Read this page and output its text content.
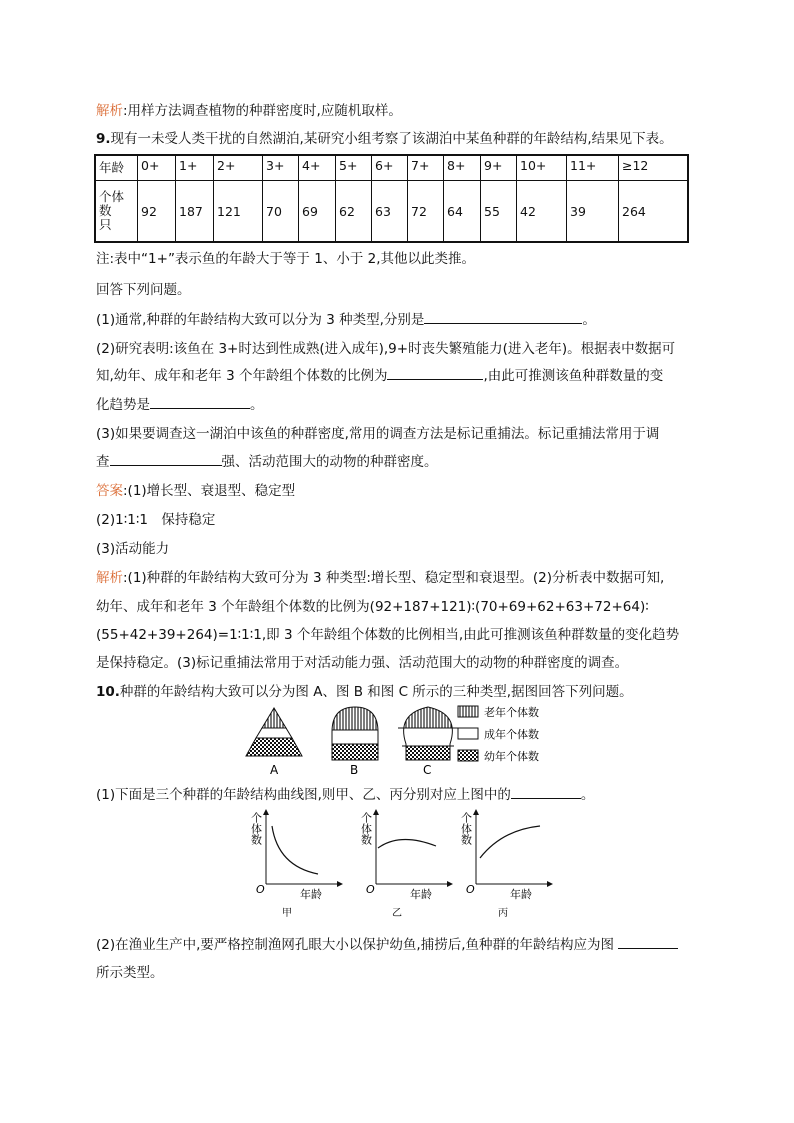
解析:用样方法调查植物的种群密度时,应随机取样。
9.现有一未受人类干扰的自然湖泊,某研究小组考察了该湖泊中某鱼种群的年龄结构,结果见下表。
年龄	0+	1+	2+	3+	4+	5+	6+	7+	8+	9+	10+	11+	≥12

个体
数
只	92	187	121	70	69	62	63	72	64	55	42	39	264
注:表中“1+”表示鱼的年龄大于等于 1、小于 2,其他以此类推。
回答下列问题。
(1)通常,种群的年龄结构大致可以分为 3 种类型,分别是	。
(2)研究表明:该鱼在 3+时达到性成熟(进入成年),9+时丧失繁殖能力(进入老年)。根据表中数据可
知,幼年、成年和老年 3 个年龄组个体数的比例为	,由此可推测该鱼种群数量的变
化趋势是	。
(3)如果要调查这一湖泊中该鱼的种群密度,常用的调查方法是标记重捕法。标记重捕法常用于调
查	强、活动范围大的动物的种群密度。
答案:(1)增长型、衰退型、稳定型
(2)1∶1∶1　保持稳定
(3)活动能力
解析:(1)种群的年龄结构大致可分为 3 种类型:增长型、稳定型和衰退型。(2)分析表中数据可知,
幼年、成年和老年 3 个年龄组个体数的比例为(92+187+121)∶(70+69+62+63+72+64)∶
(55+42+39+264)=1∶1∶1,即 3 个年龄组个体数的比例相当,由此可推测该鱼种群数量的变化趋势
是保持稳定。(3)标记重捕法常用于对活动能力强、活动范围大的动物的种群密度的调查。
10.种群的年龄结构大致可以分为图 A、图 B 和图 C 所示的三种类型,据图回答下列问题。
A	B	C
老年个体数
成年个体数
幼年个体数
(1)下面是三个种群的年龄结构曲线图,则甲、乙、丙分别对应上图中的	。
个体数
O	年龄
甲
个体数
O	年龄
乙
个体数
O	年龄
丙
(2)在渔业生产中,要严格控制渔网孔眼大小以保护幼鱼,捕捞后,鱼种群的年龄结构应为图
所示类型。
